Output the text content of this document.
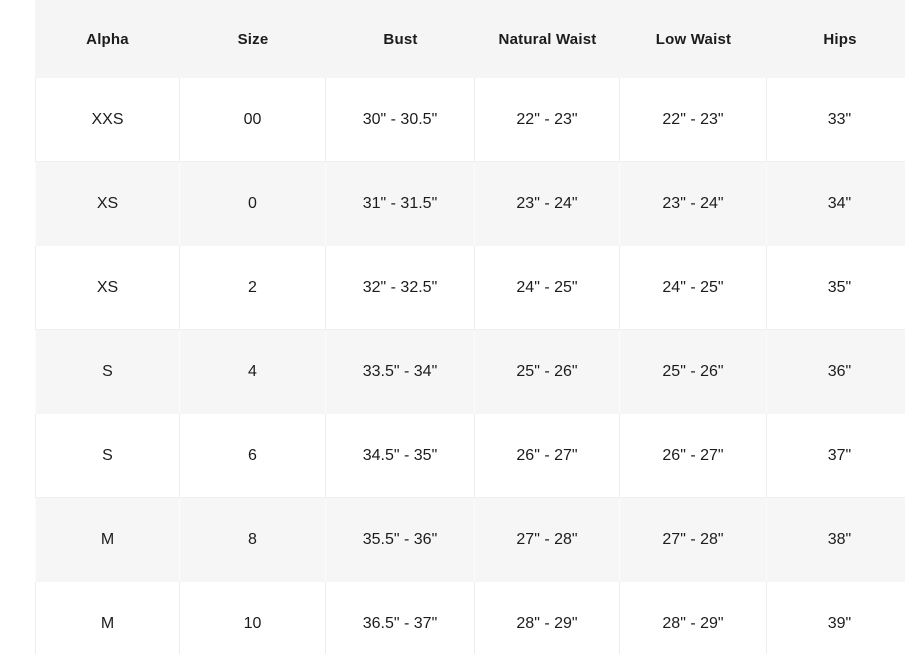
Alpha	Size	Bust	Natural Waist	Low Waist	Hips
XXS	00	30" - 30.5"	22" - 23"	22" - 23"	33"
XS	0	31" - 31.5"	23" - 24"	23" - 24"	34"
XS	2	32" - 32.5"	24" - 25"	24" - 25"	35"
S	4	33.5" - 34"	25" - 26"	25" - 26"	36"
S	6	34.5" - 35"	26" - 27"	26" - 27"	37"
M	8	35.5" - 36"	27" - 28"	27" - 28"	38"
M	10	36.5" - 37"	28" - 29"	28" - 29"	39"
